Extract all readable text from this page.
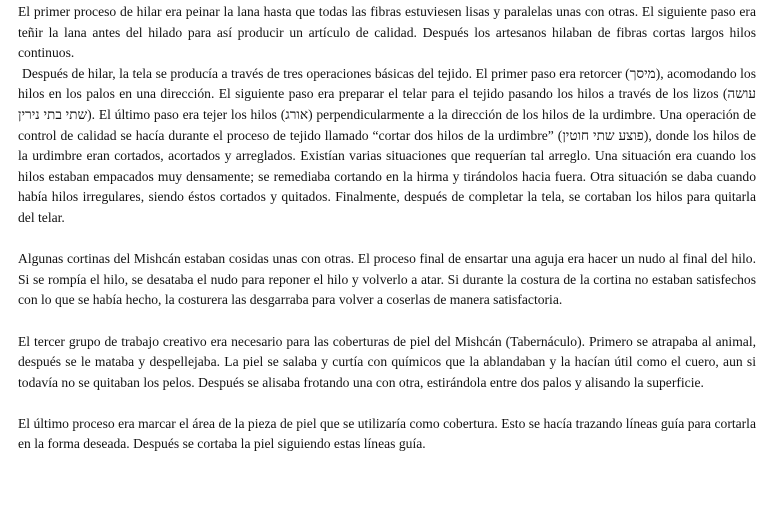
El primer proceso de hilar era peinar la lana hasta que todas las fibras estuviesen lisas y paralelas unas con otras. El siguiente paso era teñir la lana antes del hilado para así producir un artículo de calidad. Después los artesanos hilaban de fibras cortas largos hilos continuos.

Después de hilar, la tela se producía a través de tres operaciones básicas del tejido. El primer paso era retorcer (מיסך), acomodando los hilos en los palos en una dirección. El siguiente paso era preparar el telar para el tejido pasando los hilos a través de los lizos (עושה שתי בתי נירין). El último paso era tejer los hilos (אורג) perpendicularmente a la dirección de los hilos de la urdimbre. Una operación de control de calidad se hacía durante el proceso de tejido llamado “cortar dos hilos de la urdimbre” (פוצע שתי חוטין), donde los hilos de la urdimbre eran cortados, acortados y arreglados. Existían varias situaciones que requerían tal arreglo. Una situación era cuando los hilos estaban empacados muy densamente; se remediaba cortando en la hirma y tirándolos hacia fuera. Otra situación se daba cuando había hilos irregulares, siendo éstos cortados y quitados. Finalmente, después de completar la tela, se cortaban los hilos para quitarla del telar.

Algunas cortinas del Mishcán estaban cosidas unas con otras. El proceso final de ensartar una aguja era hacer un nudo al final del hilo. Si se rompía el hilo, se desataba el nudo para reponer el hilo y volverlo a atar. Si durante la costura de la cortina no estaban satisfechos con lo que se había hecho, la costurera las desgarraba para volver a coserlas de manera satisfactoria.

El tercer grupo de trabajo creativo era necesario para las coberturas de piel del Mishcán (Tabernáculo). Primero se atrapaba al animal, después se le mataba y despellejaba. La piel se salaba y curtía con químicos que la ablandaban y la hacían útil como el cuero, aun si todavía no se quitaban los pelos. Después se alisaba frotando una con otra, estirándola entre dos palos y alisando la superficie.

El último proceso era marcar el área de la pieza de piel que se utilizaría como cobertura. Esto se hacía trazando líneas guía para cortarla en la forma deseada. Después se cortaba la piel siguiendo estas líneas guía.
